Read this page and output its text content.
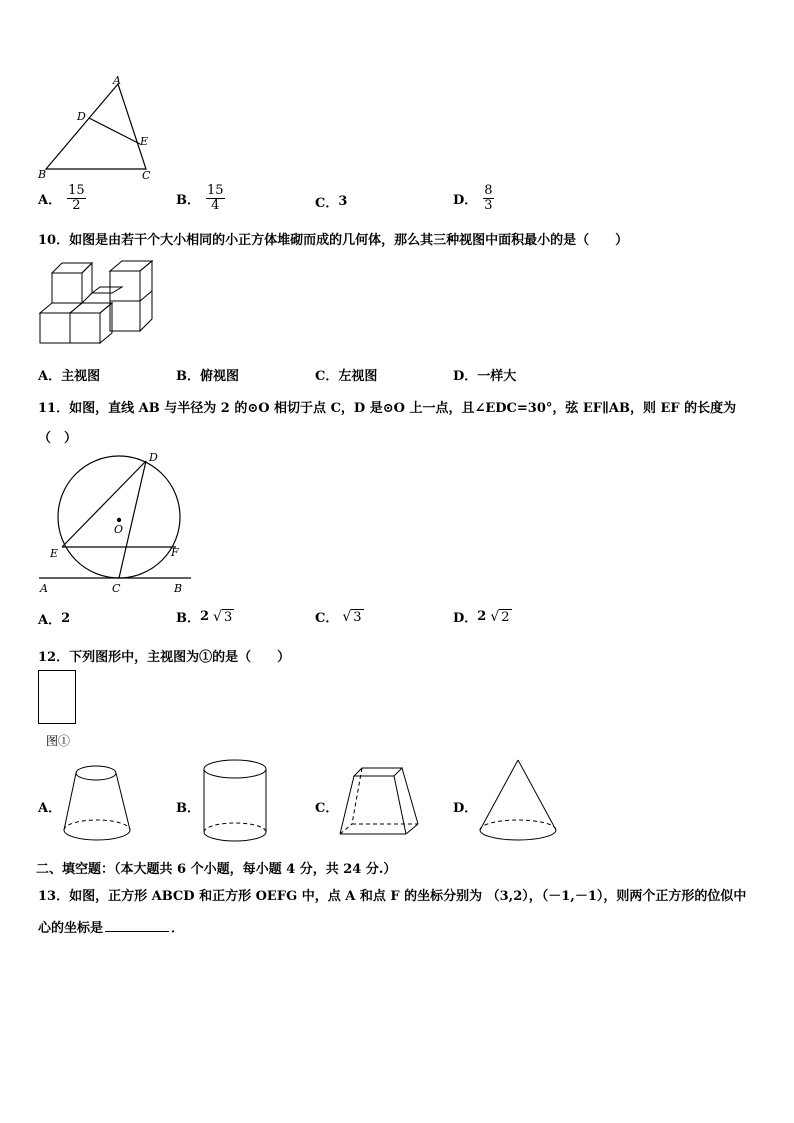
A
D
E
B	C
A． $\frac{15}{2}$	B． $\frac{15}{4}$	C． 3	D． $\frac{8}{3}$
10．如图是由若干个大小相同的小正方体堆砌而成的几何体，那么其三种视图中面积最小的是（　　）
A．主视图	B．俯视图	C．左视图	D．一样大
11．如图，直线 AB 与半径为 2 的⊙O 相切于点 C，D 是⊙O 上一点，且∠EDC=30°，弦 EF∥AB，则 EF 的长度为
（　）
D
O
E	F
A	C	B
A． 2	B． 2 √ 3	C． √ 3	D． 2 √ 2
12．下列图形中，主视图为①的是（　　）
图①
A．	B．	C．	D．
二、填空题：（本大题共 6 个小题，每小题 4 分，共 24 分.）
13．如图，正方形 ABCD 和正方形 OEFG 中，点 A 和点 F 的坐标分别为 （3,2），（－1,－1），则两个正方形的位似中
心的坐标是	．
